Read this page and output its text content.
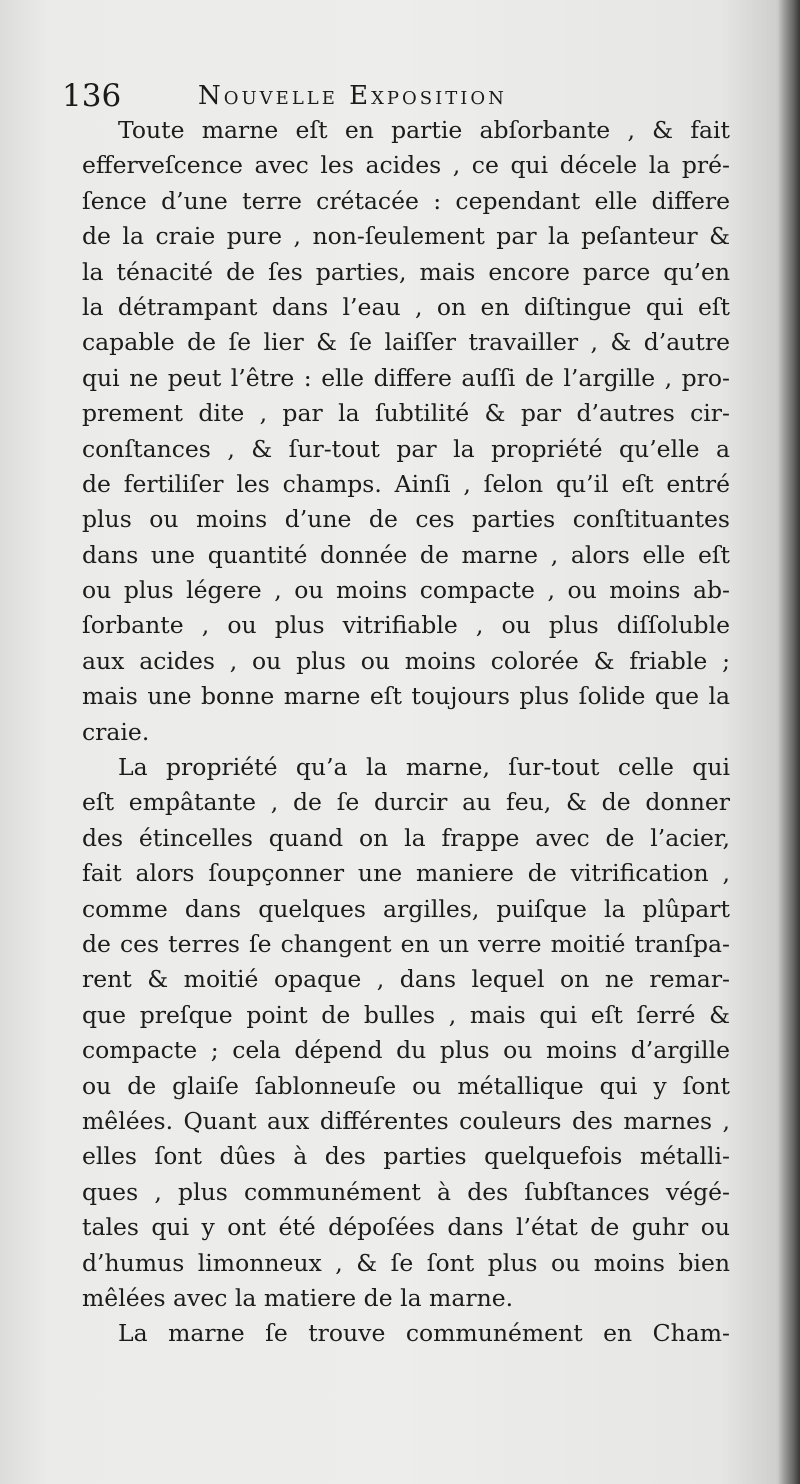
136	Nouvelle Exposition
Toute marne eſt en partie abſorbante , & fait
efferveſcence avec les acides , ce qui décele la pré-
ſence d’une terre crétacée : cependant elle differe
de la craie pure , non-ſeulement par la peſanteur &
la ténacité de ſes parties, mais encore parce qu’en
la détrampant dans l’eau , on en diſtingue qui eſt
capable de ſe lier & ſe laiſſer travailler , & d’autre
qui ne peut l’être : elle differe auſſi de l’argille , pro-
prement dite , par la ſubtilité & par d’autres cir-
conſtances , & ſur-tout par la propriété qu’elle a
de fertiliſer les champs. Ainſi , ſelon qu’il eſt entré
plus ou moins d’une de ces parties conſtituantes
dans une quantité donnée de marne , alors elle eſt
ou plus légere , ou moins compacte , ou moins ab-
ſorbante , ou plus vitrifiable , ou plus diſſoluble
aux acides , ou plus ou moins colorée & friable ;
mais une bonne marne eſt toujours plus ſolide que la
craie.
La propriété qu’a la marne, ſur-tout celle qui
eſt empâtante , de ſe durcir au feu, & de donner
des étincelles quand on la frappe avec de l’acier,
fait alors ſoupçonner une maniere de vitrification ,
comme dans quelques argilles, puiſque la plûpart
de ces terres ſe changent en un verre moitié tranſpa-
rent & moitié opaque , dans lequel on ne remar-
que preſque point de bulles , mais qui eſt ſerré &
compacte ; cela dépend du plus ou moins d’argille
ou de glaiſe ſablonneuſe ou métallique qui y ſont
mêlées. Quant aux différentes couleurs des marnes ,
elles ſont dûes à des parties quelquefois métalli-
ques , plus communément à des ſubſtances végé-
tales qui y ont été dépoſées dans l’état de guhr ou
d’humus limonneux , & ſe ſont plus ou moins bien
mêlées avec la matiere de la marne.
La marne ſe trouve communément en Cham-
